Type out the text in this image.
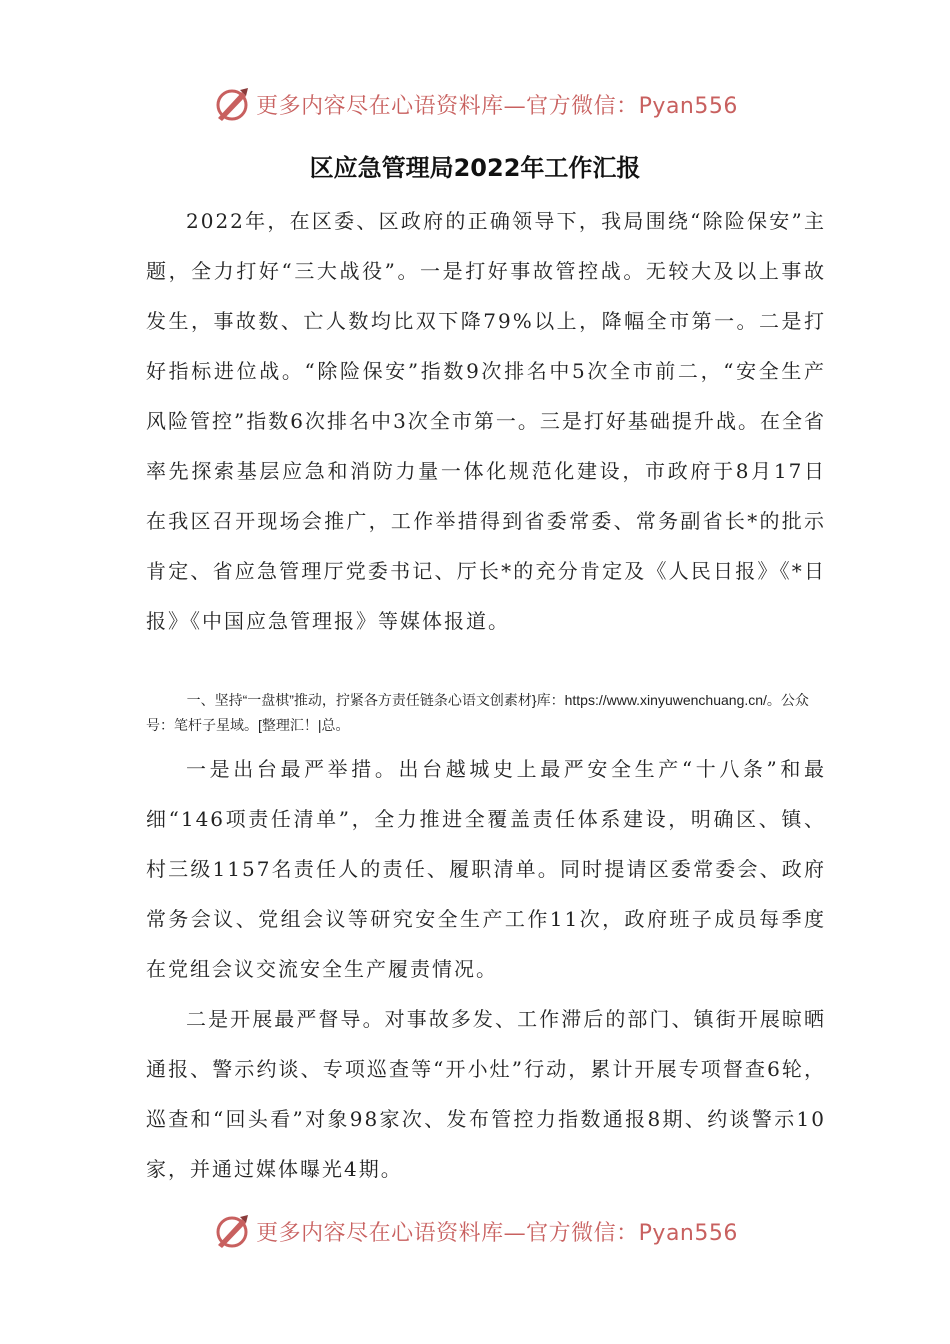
更多内容尽在心语资料库—官方微信：Pyan556
区应急管理局2022年工作汇报

2022年，在区委、区政府的正确领导下，我局围绕“除险保安”主题，全力打好“三大战役”。一是打好事故管控战。无较大及以上事故发生，事故数、亡人数均比双下降79%以上，降幅全市第一。二是打好指标进位战。“除险保安”指数9次排名中5次全市前二，“安全生产风险管控”指数6次排名中3次全市第一。三是打好基础提升战。在全省率先探索基层应急和消防力量一体化规范化建设，市政府于8月17日在我区召开现场会推广，工作举措得到省委常委、常务副省长*的批示肯定、省应急管理厅党委书记、厅长*的充分肯定及《人民日报》《*日报》《中国应急管理报》等媒体报道。

一、坚持“一盘棋”推动，拧紧各方责任链条心语文创素材}库：https://www.xinyuwenchuang.cn/。公众号：笔杆子星域。[整理汇！|总。

一是出台最严举措。出台越城史上最严安全生产“十八条”和最细“146项责任清单”，全力推进全覆盖责任体系建设，明确区、镇、村三级1157名责任人的责任、履职清单。同时提请区委常委会、政府常务会议、党组会议等研究安全生产工作11次，政府班子成员每季度在党组会议交流安全生产履责情况。

二是开展最严督导。对事故多发、工作滞后的部门、镇街开展晾晒通报、警示约谈、专项巡查等“开小灶”行动，累计开展专项督查6轮，巡查和“回头看”对象98家次、发布管控力指数通报8期、约谈警示10家，并通过媒体曝光4期。

更多内容尽在心语资料库—官方微信：Pyan556
